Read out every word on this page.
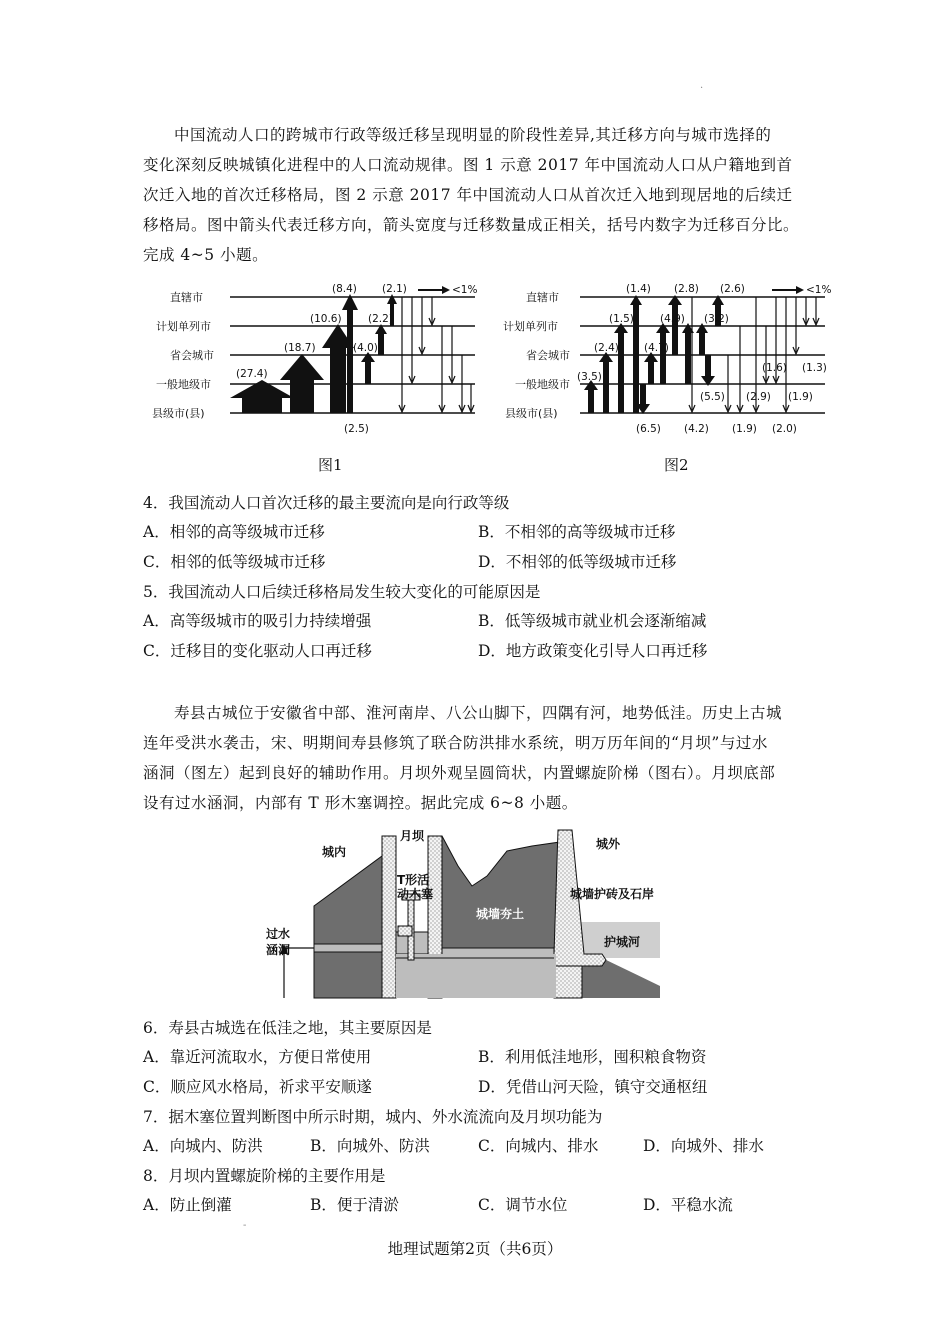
.
中国流动人口的跨城市行政等级迁移呈现明显的阶段性差异,其迁移方向与城市选择的
变化深刻反映城镇化进程中的人口流动规律。图 1 示意 2017 年中国流动人口从户籍地到首
次迁入地的首次迁移格局，图 2 示意 2017 年中国流动人口从首次迁入地到现居地的后续迁
移格局。图中箭头代表迁移方向，箭头宽度与迁移数量成正相关，括号内数字为迁移百分比。
完成 4~5 小题。
直辖市
计划单列市
省会城市
一般地级市
县级市(县)
(27.4)
(18.7)
(10.6)
(8.4) (2.1)
(2.2)
(4.0)
(2.5)
<1%
图1
直辖市
计划单列市
省会城市
一般地级市
县级市(县)
(1.4) (2.8) (2.6)
(1.5) (4.9) (3.2)
(2.4) (4.7)
(3.5)
(1.6) (1.3)
(5.5) (2.9) (1.9)
(6.5) (4.2) (1.9) (2.0)
<1%
图2
4．我国流动人口首次迁移的最主要流向是向行政等级
A．相邻的高等级城市迁移	B．不相邻的高等级城市迁移
C．相邻的低等级城市迁移	D．不相邻的低等级城市迁移
5．我国流动人口后续迁移格局发生较大变化的可能原因是
A．高等级城市的吸引力持续增强	B．低等级城市就业机会逐渐缩减
C．迁移目的变化驱动人口再迁移	D．地方政策变化引导人口再迁移
寿县古城位于安徽省中部、淮河南岸、八公山脚下，四隅有河，地势低洼。历史上古城
连年受洪水袭击，宋、明期间寿县修筑了联合防洪排水系统，明万历年间的“月坝”与过水
涵洞（图左）起到良好的辅助作用。月坝外观呈圆筒状，内置螺旋阶梯（图右）。月坝底部
设有过水涵洞，内部有 T 形木塞调控。据此完成 6~8 小题。
城内
月坝
T形活
动木塞
城墙夯土
城外
城墙护砖及石岸
护城河
过水
涵洞
6．寿县古城选在低洼之地，其主要原因是
A．靠近河流取水，方便日常使用	B．利用低洼地形，囤积粮食物资
C．顺应风水格局，祈求平安顺遂	D．凭借山河天险，镇守交通枢纽
7．据木塞位置判断图中所示时期，城内、外水流流向及月坝功能为
A．向城内、防洪	B．向城外、防洪	C．向城内、排水	D．向城外、排水
8．月坝内置螺旋阶梯的主要作用是
A．防止倒灌	B．便于清淤	C．调节水位	D．平稳水流
-
地理试题第2页（共6页）
